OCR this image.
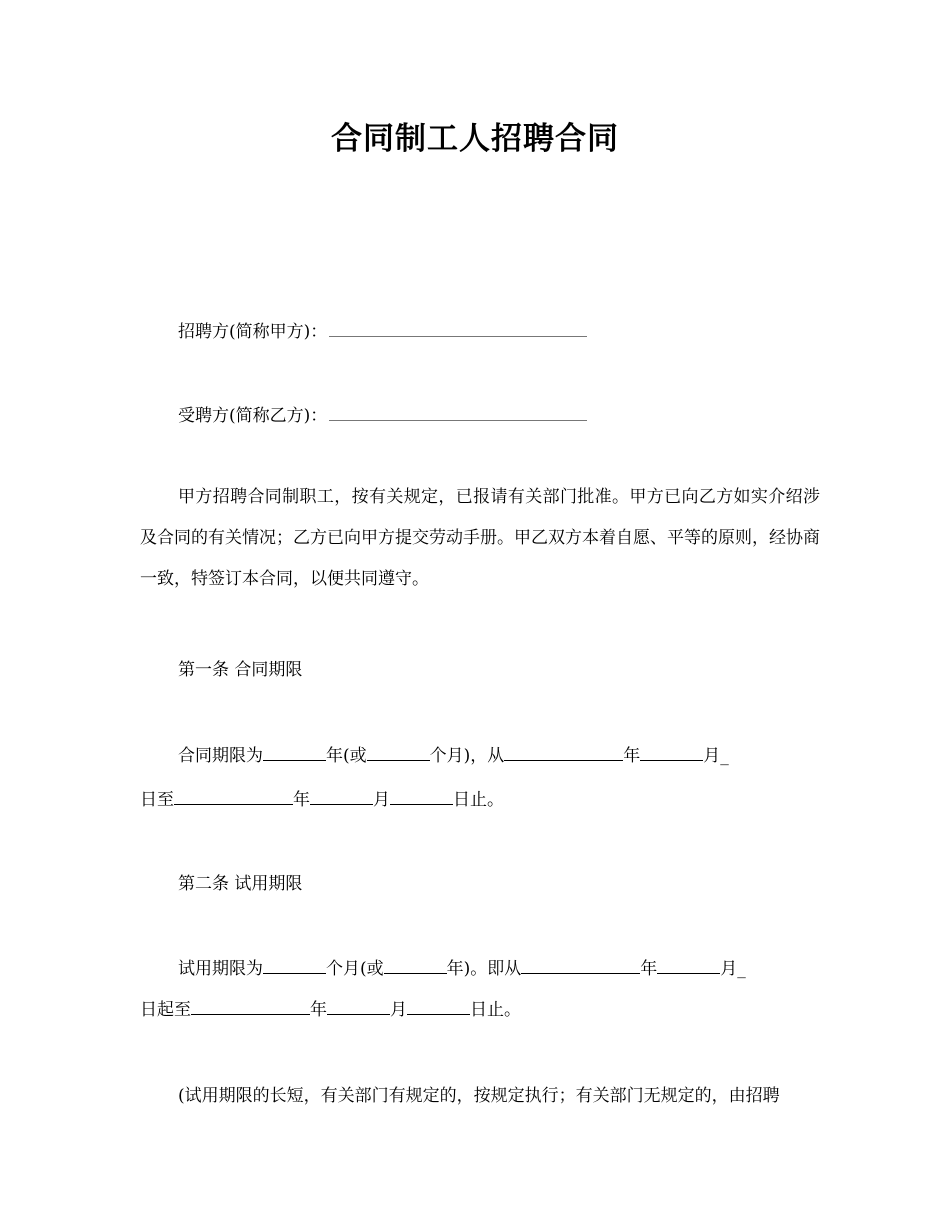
合同制工人招聘合同
招聘方(简称甲方)：
受聘方(简称乙方)：
甲方招聘合同制职工，按有关规定，已报请有关部门批准。甲方已向乙方如实介绍涉及合同的有关情况；乙方已向甲方提交劳动手册。甲乙双方本着自愿、平等的原则，经协商一致，特签订本合同，以便共同遵守。
第一条 合同期限
合同期限为	年(或	个月)，从	年	月_
日至	年	月	日止。
第二条 试用期限
试用期限为	个月(或	年)。即从	年	月_
日起至	年	月	日止。
(试用期限的长短，有关部门有规定的，按规定执行；有关部门无规定的，由招聘
